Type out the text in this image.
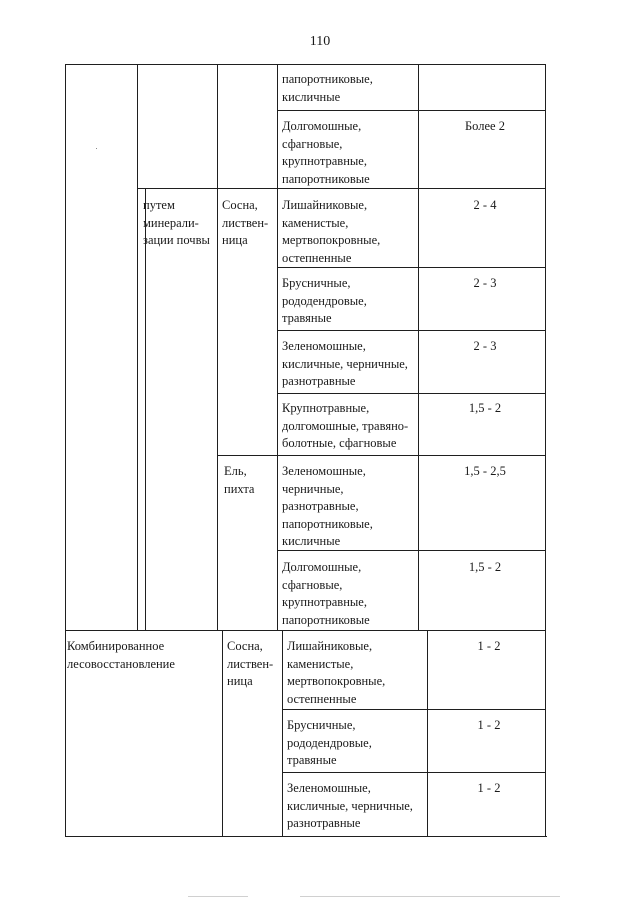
110
путем
минерали-
зации почвы
Сосна,
листвен-
ница
Ель,
пихта
Комбинированное
лесовосстановление
Сосна,
листвен-
ница
папоротниковые,
кисличные
Долгомошные,
сфагновые,
крупнотравные,
папоротниковые
Лишайниковые,
каменистые,
мертвопокровные,
остепненные
Брусничные,
рододендровые,
травяные
Зеленомошные,
кисличные, черничные,
разнотравные
Крупнотравные,
долгомошные, травяно-
болотные, сфагновые
Зеленомошные,
черничные,
разнотравные,
папоротниковые,
кисличные
Долгомошные,
сфагновые,
крупнотравные,
папоротниковые
Лишайниковые,
каменистые,
мертвопокровные,
остепненные
Брусничные,
рододендровые,
травяные
Зеленомошные,
кисличные, черничные,
разнотравные
Более 2
2 - 4
2 - 3
2 - 3
1,5 - 2
1,5 - 2,5
1,5 - 2
1 - 2
1 - 2
1 - 2
